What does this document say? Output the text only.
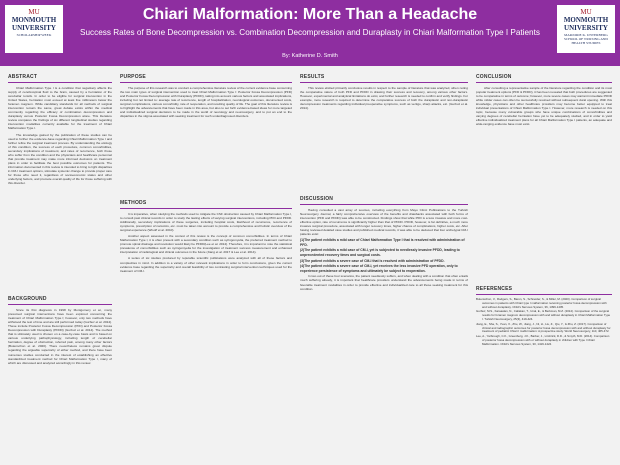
MU
MONMOUTH UNIVERSITY
SCHOLARSHIP WEEK
Chiari Malformation: More Than a Headache
Success Rates of Bone Decompression vs. Combination Decompression and Duraplasty in Chiari Malformation Type I Patients
By: Katherine D. Smith
MU
MONMOUTH UNIVERSITY
MARJORIE K. UNTERBERG SCHOOL OF NURSING AND HEALTH STUDIES
ABSTRACT

Chiari Malformation Type I is a condition that negatively affects the supply of cerebrospinal fluid to the brain, caused by a herniation of the cerebellar tonsils. In order to be eligible for surgical intervention in the United States, herniation must exceed at least five millimeters below the foramen magnum. While candidacy standards for all methods of surgical intervention remain the same, great debate exists within the medical community regarding the efficacy of combination decompression and duraplasty versus Posterior Fossa Decompression alone. This literature review compares the findings of six different longitudinal studies regarding intervention modalities currently available for the treatment of Chiari Malformation Type I.

The knowledge gained by the publication of these studies can be used to further the evidence-base regarding Chiari Malformation Type I and further refine the surgical treatment process. By understanding the etiology of this condition, the success of each procedure, common comorbidities, secondary implications of treatment, and rates of recurrence, both those who suffer from the condition and the physicians and healthcare personnel that provide treatment may make more informed decisions on treatment plans in order to facilitate the best possible outcomes for patients. The information documented in this review is intended to bring to light disparities in CM-I treatment options, stimulate systemic change to provide proper care for those who need it, regardless of socioeconomic status and other underlying factors, and promote overall quality of life for those suffering with this disorder.

BACKGROUND

Since its first diagnosis in 1998 by Montgomery et al., many presumed surgical interventions have been explored concerning the treatment of Chiari Malformation Type I; however, only two methods have withstood the test of time and are still performed today (Gurbuz et al. 2014). These include Posterior Fossa Decompression (PFD) and Posterior Fossa Decompression with Duraplasty (PFDD) (Gurbuz et al. 2014). The method that is ultimately used is chosen on a case-by-case basis and is based on various underlying pathophysiology, including length of cerebellar herniation, degree of obstruction, referred pain, among many other factors (Butenschon et al. 2020). There nevertheless remains great dispute regarding the arguable superiority of either method, and there have been numerous studies conducted in the interest of establishing an effective standardized treatment method for Chiari Malformation Type I, many of which are discussed and analyzed accordingly in this review.

PURPOSE

The purpose of this research was to conduct a comprehensive literature review of the current evidence base concerning the two main types of surgical intervention used to treat Chiari Malformation Type I: Posterior Fossa Decompression (PFD) and Posterior Fossa Decompression with Duraplasty (PFDD), taking into account various factors and associated implications, including but not limited to: average rate of recurrence, length of hospitalization, neurological outcomes, documented costs, surgical complications, various comorbidity, rate of reoperation, and resulting quality of life. The goal of this literature review is to highlight the advancements that have been made in this area, but also to set forth evidence-based ideas for more targeted and individualized surgical decisions to be made in the world of neurology and neurosurgery, and to put an end to the disparities in the stigma associated with seeking treatment for such underdiagnosed disorders.

METHODS

It is imperative, when studying the methods used to mitigate the CSF obstruction caused by Chiari Malformation Type I, to consult past clinical records in order to study the lasting effects of varying surgical interventions, including PFD and PFDD. Additionally, secondary implications of these surgeries, including hospital costs, likelihood of recurrence, recurrence of symptoms, prescription of narcotics, etc. must be taken into account to provide a comprehensive and holistic overview of the surgical experience (Wisoff et al. 2010).

Another aspect assessed in the context of this review is the concept of common comorbidities. In terms of Chiari Malformation Type I, it is often present with a secondary condition such as syringomyelia, the preferred treatment method to promote spinal drainage and resolution would likely be PFDD(Lee et al. 2014). Therefore, it is important to note the statistical prevalence of comorbidities such as syringomyelia for the investigation of treatment success measurement and enhanced interpretation of radiological and clinical outcomes in the future (Jiang et al. 2017 & Lee et al. 2014).

A series of six studies produced by reputable scientific publications were analyzed with all of these factors and complexities in mind. In addition to a variety of other relevant implications in order to form conclusions, given the current evidence base regarding the superiority and overall feasibility of two contrasting surgical intervention techniques used for the treatment of CM-I.

RESULTS

This review elicited primarily conclusive results in respect to the sample of literature that was analyzed, when noting the comparative nature of both PFD and PFDD in drawing their success and recovery, among various other factors. However, experimental and analytical limitations do exist, and further research is needed to confirm and verify findings. For example, more research is required to determine the comparative success of both the duraplastic and non-duraplastic decompression treatments regarding individual preoperative symptoms, such as vertigo, sharp attacks, etc. (Gurbuz et al. 2014).

DISCUSSION

Having consulted a vast array of sources, including everything from Mayo Clinic Publications to the Turkish Neurosurgery Journal, a fairly comprehensive overview of the benefits and drawbacks associated with both forms of intervention (PFD and PFDD) was able to be constructed. Findings show that while PFD is a less invasive and more cost-effective option, rate of recurrence is significantly higher than that of PFDD. PFDD, however, is far definitive, a much more invasive surgical procedure, associated with longer recovery times, higher chance of complications, higher costs, etc. After having reviewed detailed case studies and published medical records, it was able to be deduced that four archetypal CM-I patients exist:

(1)The patient exhibits a mild case of Chiari Malformation Type I that is resolved with administration of PFD.
(2)The patient exhibits a mild case of CM-I, yet is subjected to needlessly invasive PFDD, leading to unprecedented recovery times and surgical costs.
(3)The patient exhibits a severe case of CM-I that is resolved with administration of PFDD.
(4)The patient exhibits a severe case of CM-I, yet receives the less invasive PFD operation, only to experience persistence of symptoms and ultimately be subject to reoperation.

In two out of these four scenarios, the patient needlessly suffers, and when dealing with a condition that often entails much suffering already, it is important that healthcare providers understand the advancements being made in terms of favorable treatment modalities in order to provide effective and individualized care to all those seeking treatment for this condition.

CONCLUSION

After consulting a representative sample of the literature regarding the condition and its most popular treatment options (PFD & PFDD), it has been revealed that both procedures are suggested to be comparative in terms of outcome; however, more severe cases may warrant immediate PFDD while milder cases can often be successfully resolved without subsequent dural opening. With this knowledge, physicians and other healthcare providers may become better equipped to treat individual presentations of Chiari Malformation Type I. However, more research is needed on this topic, because many vulnerable groups who have unique combinations of comorbidities and varying degrees of cerebellar herniation have yet to be adequately studied, and in order to yield effective individualized treatment plans for all Chiari Malformation Type I patients, an adequate and wide-ranging evidence base must exist.

REFERENCES
Butenschon, V., Rodgers, S., Baron, S., Schneider, S., & Miller, M. (2020). Comparison of surgical outcomes in patients with Chiari type I malformation receiving posterior fossa decompression with and without duraplasty. Child's Nervous System, 36, 1399-1405.
Gurbuz, M.S., Karaaslan, N., Caliskan, T., Unal, E., & Berkman, M.Z. (2014). Comparison of the surgical results for foramen magnum decompression with and without duraplasty in Chiari Malformation Type I. Turkish Neurosurgery, 25(3), 419-424.
Jiang, E., Sha, S., Yuan, X., Zhu, W., Jiang, J., Ni, H., Liu, Z., Qiu, Y., & Zhu, Z. (2017). Comparison of clinical and radiographic outcomes for posterior fossa decompression with and without duraplasty for treatment of pediatric Chiari I malformation: A prospective study. World Neurosurgery, 110, 465-472.
Lee, A., Yarbrough, C.K., Greenberg, J.K., Barber, J., Limbrick, D.D., & Smyth, M.D. (2014). Comparison of posterior fossa decompression with or without duraplasty in children with Type I Chiari Malformation. Child's Nervous System, 30, 1419-1424.
